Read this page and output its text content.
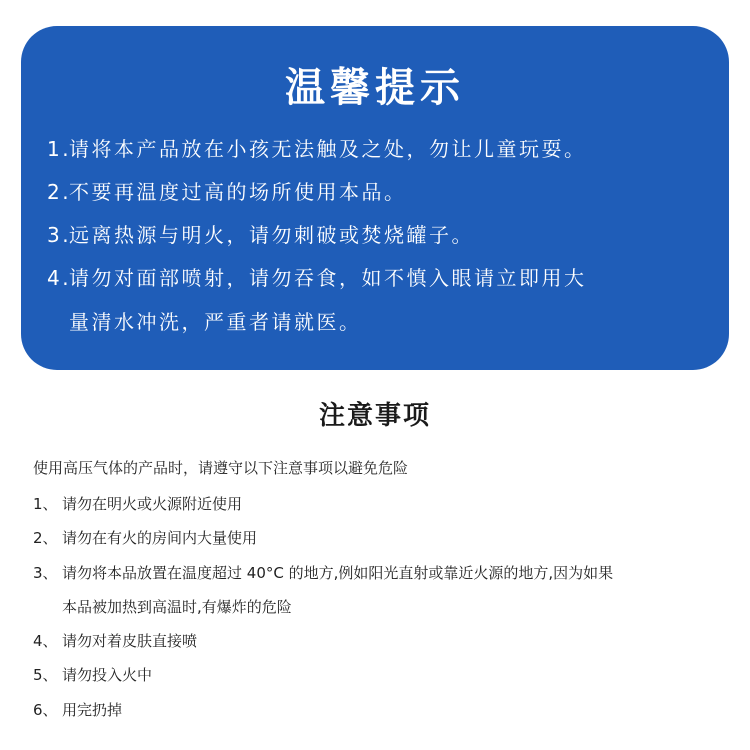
温馨提示
1.请将本产品放在小孩无法触及之处，勿让儿童玩耍。
2.不要再温度过高的场所使用本品。
3.远离热源与明火，请勿刺破或焚烧罐子。
4.请勿对面部喷射，请勿吞食，如不慎入眼请立即用大
量清水冲洗，严重者请就医。
注意事项
使用高压气体的产品时，请遵守以下注意事项以避免危险
1、 请勿在明火或火源附近使用
2、 请勿在有火的房间内大量使用
3、 请勿将本品放置在温度超过 40°C 的地方,例如阳光直射或靠近火源的地方,因为如果
本品被加热到高温时,有爆炸的危险
4、 请勿对着皮肤直接喷
5、 请勿投入火中
6、 用完扔掉
